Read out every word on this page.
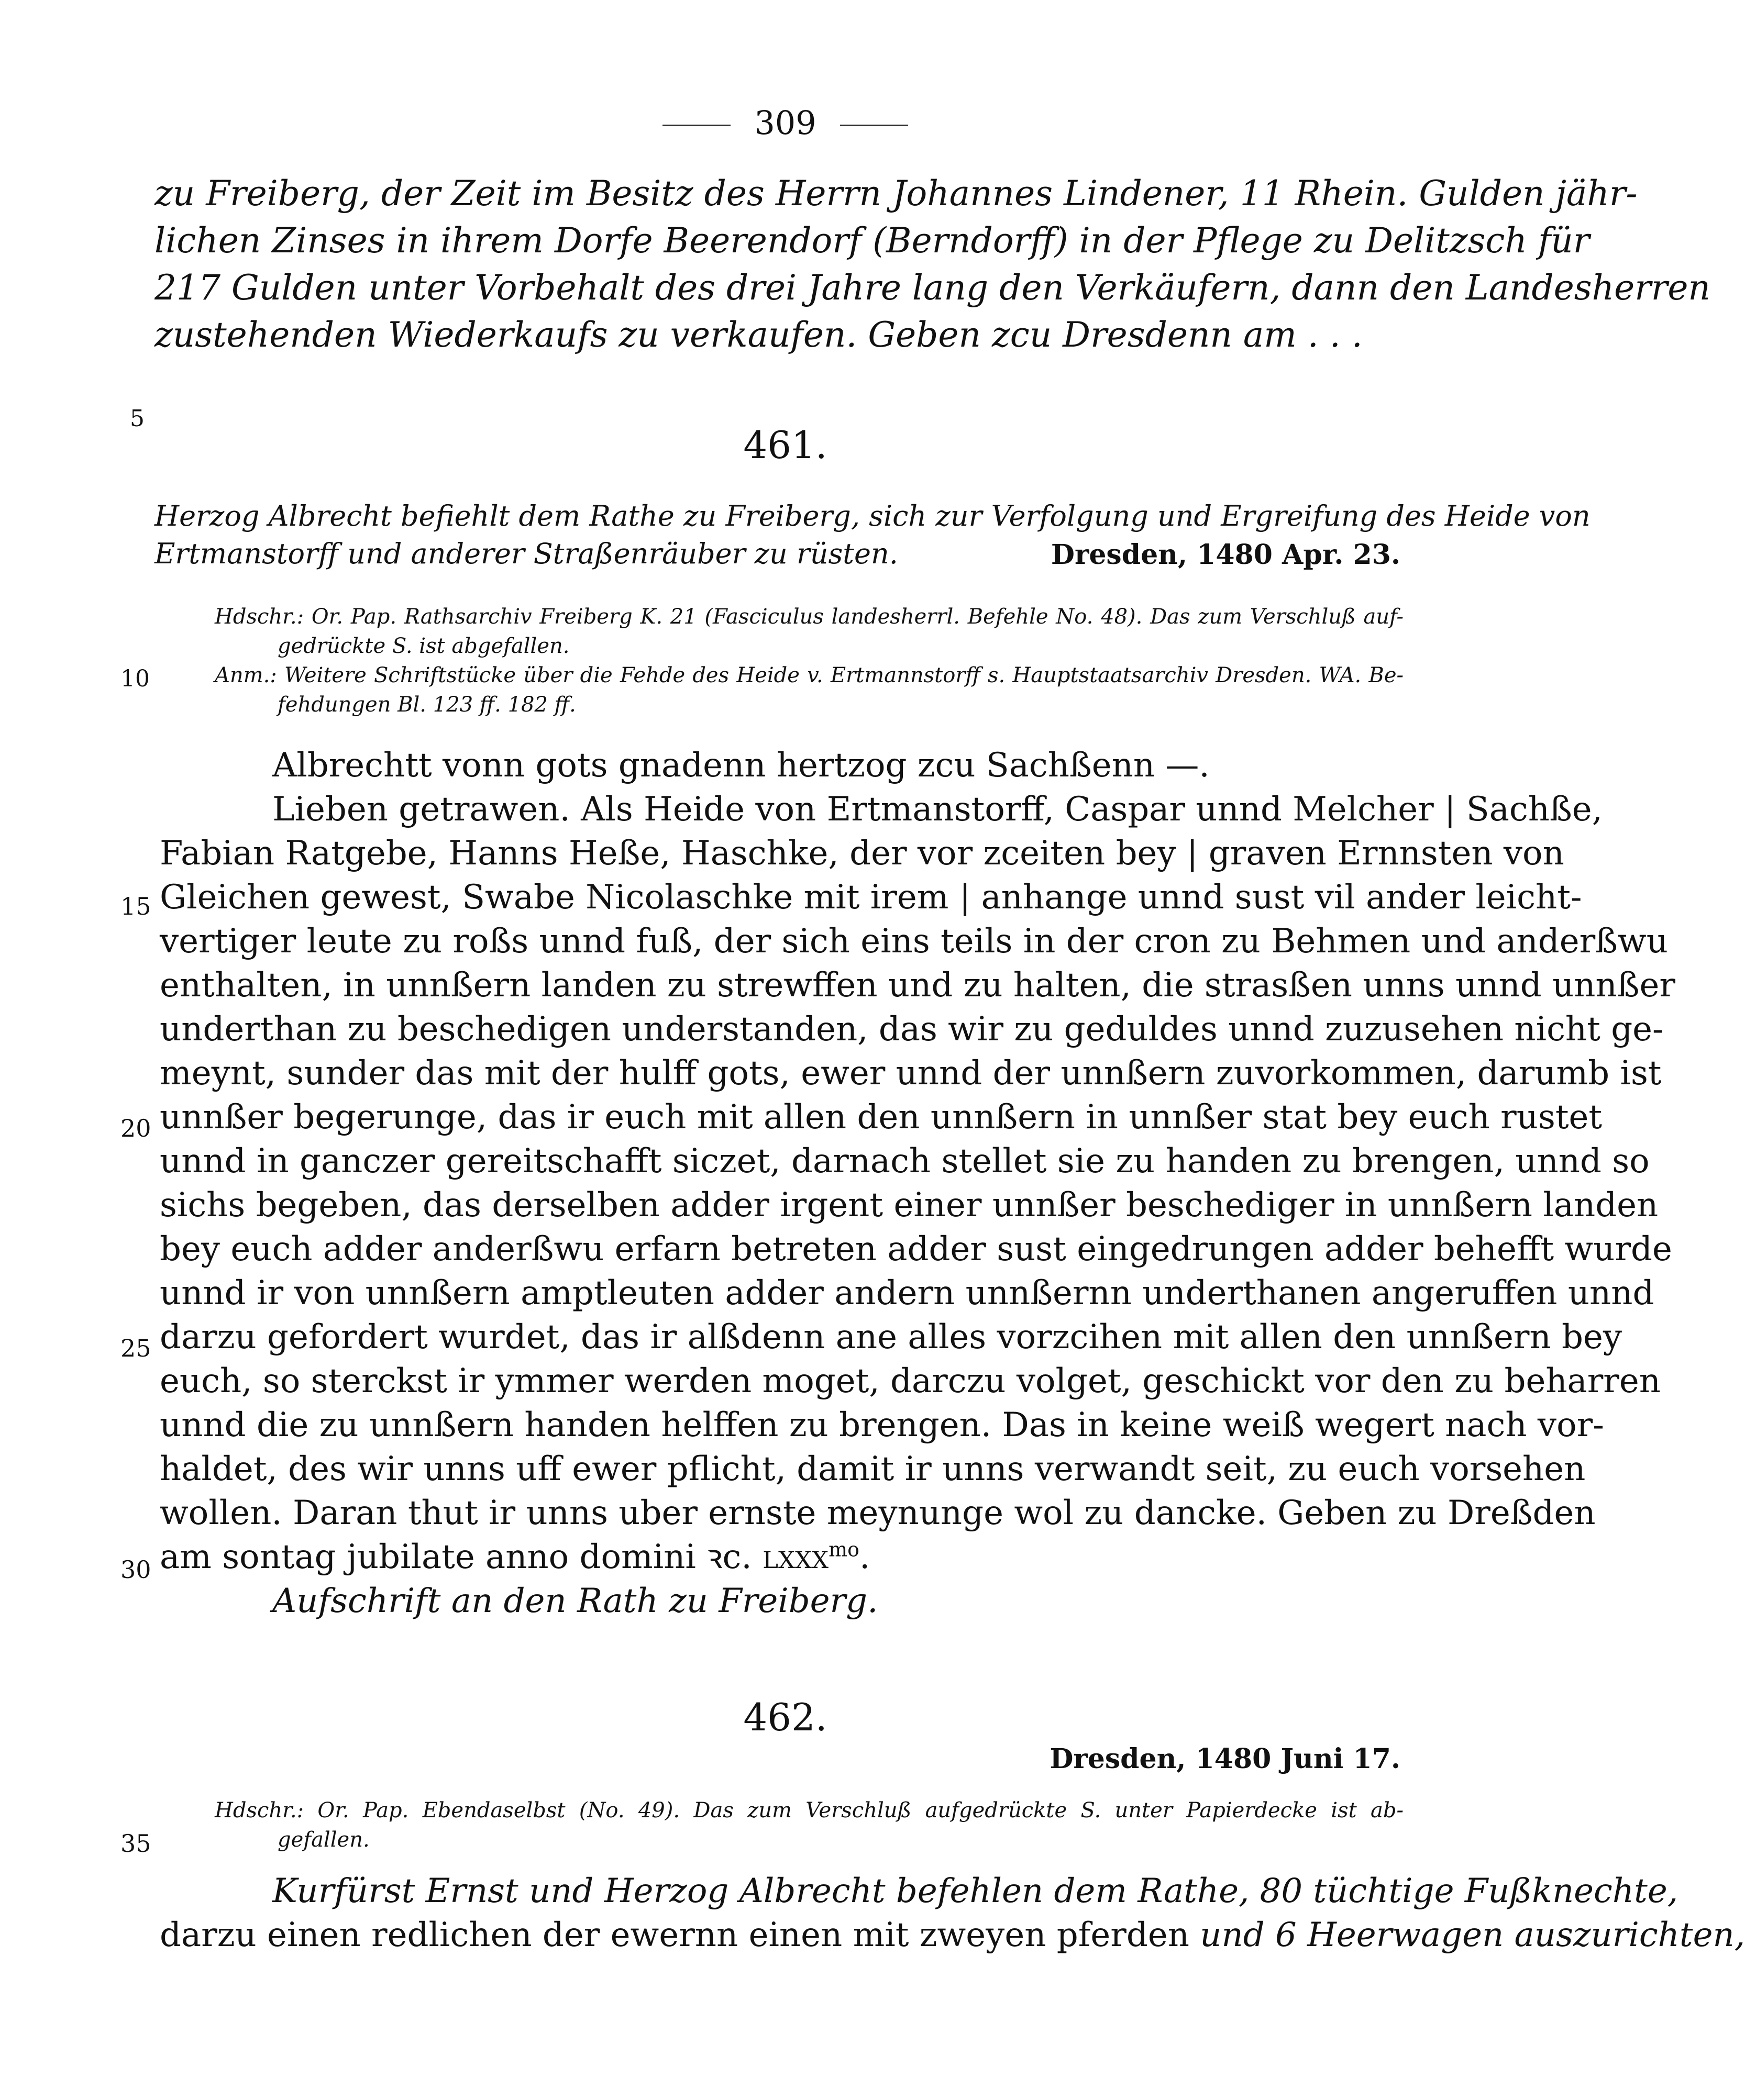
309
zu Freiberg, der Zeit im Besitz des Herrn Johannes Lindener, 11 Rhein. Gulden jähr-
lichen Zinses in ihrem Dorfe Beerendorf (Berndorff) in der Pflege zu Delitzsch für
217 Gulden unter Vorbehalt des drei Jahre lang den Verkäufern, dann den Landesherren
zustehenden Wiederkaufs zu verkaufen. Geben zcu Dresdenn am . . .
5
10
15
20
25
30
35
461.
Herzog Albrecht befiehlt dem Rathe zu Freiberg, sich zur Verfolgung und Ergreifung des Heide von
Ertmanstorff und anderer Straßenräuber zu rüsten.	Dresden, 1480 Apr. 23.
Hdschr.: Or. Pap. Rathsarchiv Freiberg K. 21 (Fasciculus landesherrl. Befehle No. 48). Das zum Verschluß auf-
gedrückte S. ist abgefallen.
Anm.: Weitere Schriftstücke über die Fehde des Heide v. Ertmannstorff s. Hauptstaatsarchiv Dresden. WA. Be-
fehdungen Bl. 123 ff. 182 ff.
Albrechtt vonn gots gnadenn hertzog zcu Sachßenn —.
Lieben getrawen. Als Heide von Ertmanstorff, Caspar unnd Melcher | Sachße,
Fabian Ratgebe, Hanns Heße, Haschke, der vor zceiten bey | graven Ernnsten von
Gleichen gewest, Swabe Nicolaschke mit irem | anhange unnd sust vil ander leicht-
vertiger leute zu roßs unnd fuß, der sich eins teils in der cron zu Behmen und anderßwu
enthalten, in unnßern landen zu strewffen und zu halten, die strasßen unns unnd unnßer
underthan zu beschedigen understanden, das wir zu geduldes unnd zuzusehen nicht ge-
meynt, sunder das mit der hulff gots, ewer unnd der unnßern zuvorkommen, darumb ist
unnßer begerunge, das ir euch mit allen den unnßern in unnßer stat bey euch rustet
unnd in ganczer gereitschafft siczet, darnach stellet sie zu handen zu brengen, unnd so
sichs begeben, das derselben adder irgent einer unnßer beschediger in unnßern landen
bey euch adder anderßwu erfarn betreten adder sust eingedrungen adder behefft wurde
unnd ir von unnßern amptleuten adder andern unnßernn underthanen angeruffen unnd
darzu gefordert wurdet, das ir alßdenn ane alles vorzcihen mit allen den unnßern bey
euch, so sterckst ir ymmer werden moget, darczu volget, geschickt vor den zu beharren
unnd die zu unnßern handen helffen zu brengen. Das in keine weiß wegert nach vor-
haldet, des wir unns uff ewer pflicht, damit ir unns verwandt seit, zu euch vorsehen
wollen. Daran thut ir unns uber ernste meynunge wol zu dancke. Geben zu Dreßden
am sontag jubilate anno domini ꝛc. lxxx$^{mo}$.
Aufschrift an den Rath zu Freiberg.
462.
Dresden, 1480 Juni 17.
Hdschr.: Or. Pap. Ebendaselbst (No. 49). Das zum Verschluß aufgedrückte S. unter Papierdecke ist ab-
gefallen.
Kurfürst Ernst und Herzog Albrecht befehlen dem Rathe, 80 tüchtige Fußknechte,
darzu einen redlichen der ewernn einen mit zweyen pferden und 6 Heerwagen auszurichten,
